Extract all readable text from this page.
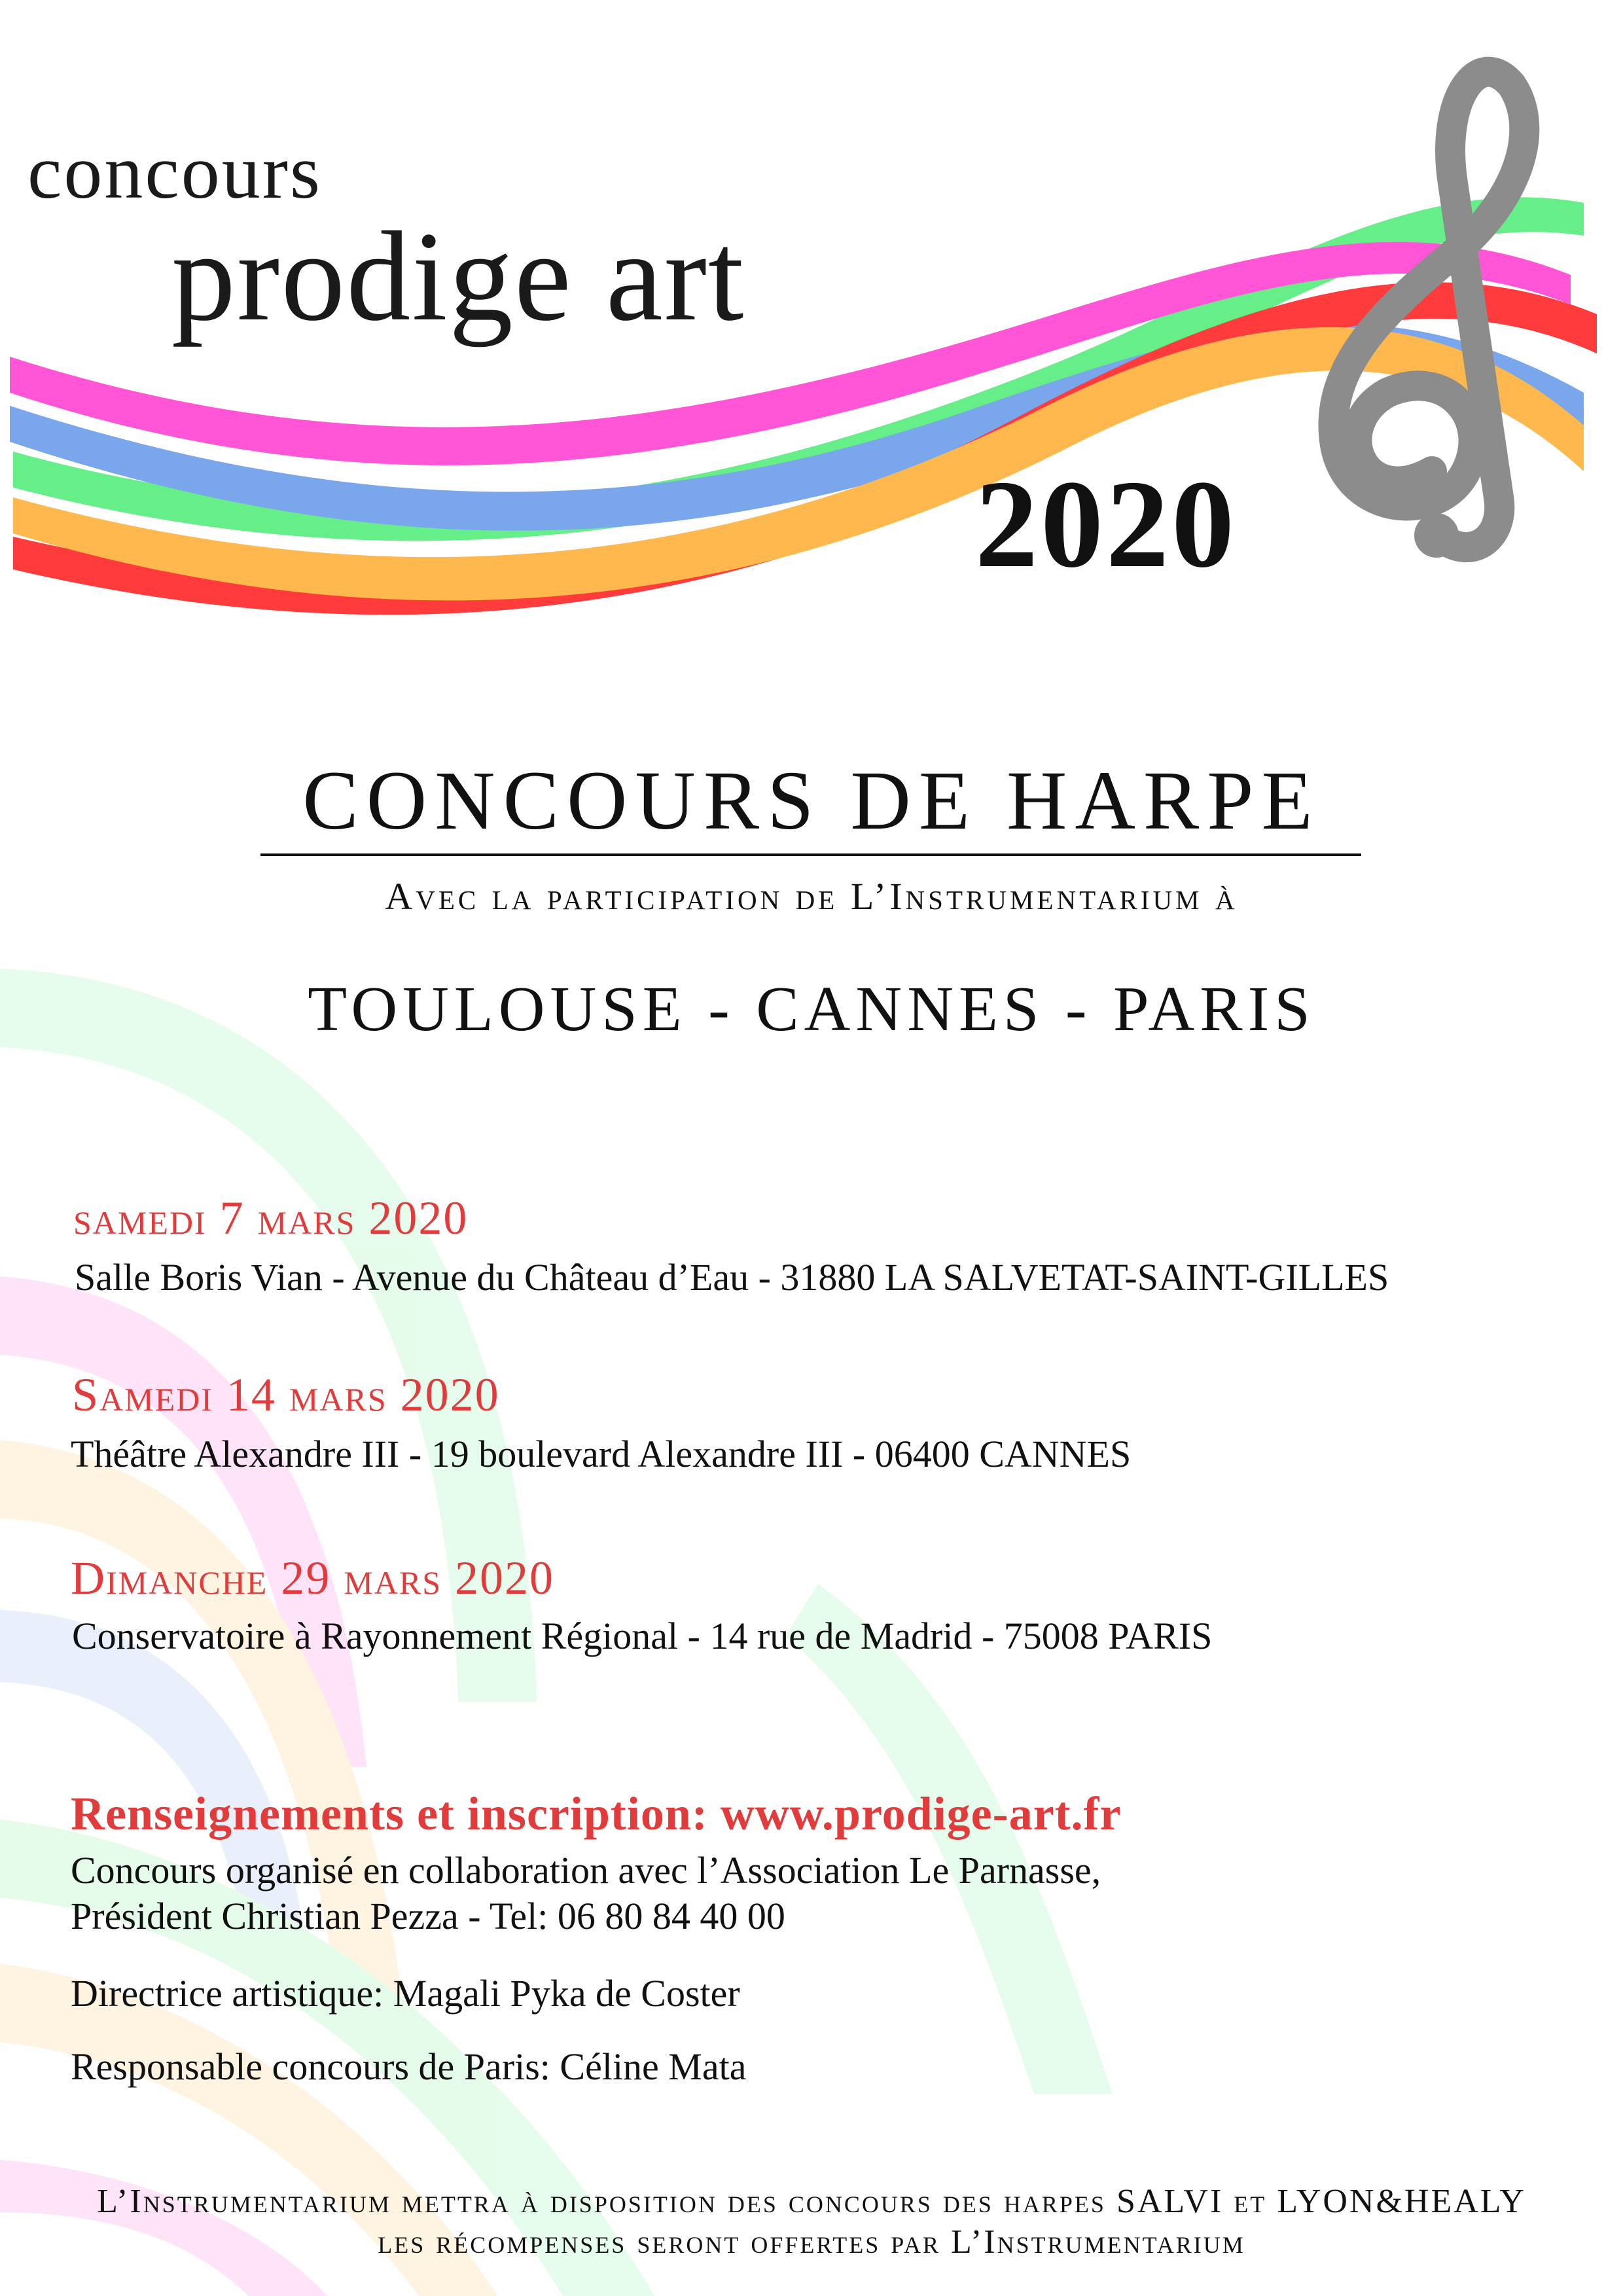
concours
prodige art
2020
CONCOURS DE HARPE
Avec la participation de L’Instrumentarium à
TOULOUSE - CANNES - PARIS
samedi 7 mars 2020
Salle Boris Vian - Avenue du Château d’Eau - 31880 LA SALVETAT-SAINT-GILLES
Samedi 14 mars 2020
Théâtre Alexandre III - 19 boulevard Alexandre III - 06400 CANNES
Dimanche 29 mars 2020
Conservatoire à Rayonnement Régional - 14 rue de Madrid - 75008 PARIS
Renseignements et inscription: www.prodige-art.fr
Concours organisé en collaboration avec l’Association Le Parnasse,
Président Christian Pezza - Tel: 06 80 84 40 00
Directrice artistique: Magali Pyka de Coster
Responsable concours de Paris: Céline Mata
L’Instrumentarium mettra à disposition des concours des harpes SALVI et LYON&HEALY
les récompenses seront offertes par L’Instrumentarium
